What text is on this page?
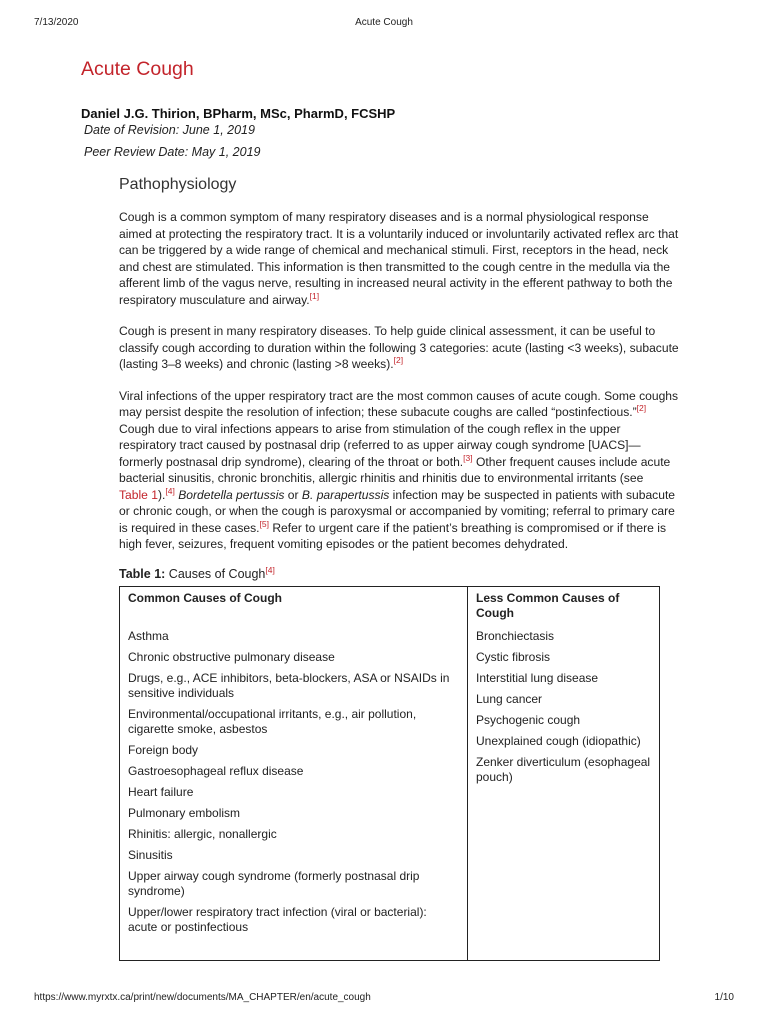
7/13/2020	Acute Cough
Acute Cough
Daniel J.G. Thirion, BPharm, MSc, PharmD, FCSHP
Date of Revision: June 1, 2019
Peer Review Date: May 1, 2019
Pathophysiology

Cough is a common symptom of many respiratory diseases and is a normal physiological response
aimed at protecting the respiratory tract. It is a voluntarily induced or involuntarily activated reflex arc that
can be triggered by a wide range of chemical and mechanical stimuli. First, receptors in the head, neck
and chest are stimulated. This information is then transmitted to the cough centre in the medulla via the
afferent limb of the vagus nerve, resulting in increased neural activity in the efferent pathway to both the
respiratory musculature and airway.[1]

Cough is present in many respiratory diseases. To help guide clinical assessment, it can be useful to
classify cough according to duration within the following 3 categories: acute (lasting <3 weeks), subacute
(lasting 3–8 weeks) and chronic (lasting >8 weeks).[2]

Viral infections of the upper respiratory tract are the most common causes of acute cough. Some coughs
may persist despite the resolution of infection; these subacute coughs are called “postinfectious.”[2]
Cough due to viral infections appears to arise from stimulation of the cough reflex in the upper
respiratory tract caused by postnasal drip (referred to as upper airway cough syndrome [UACS]—
formerly postnasal drip syndrome), clearing of the throat or both.[3] Other frequent causes include acute
bacterial sinusitis, chronic bronchitis, allergic rhinitis and rhinitis due to environmental irritants (see
Table 1).[4] Bordetella pertussis or B. parapertussis infection may be suspected in patients with subacute
or chronic cough, or when the cough is paroxysmal or accompanied by vomiting; referral to primary care
is required in these cases.[5] Refer to urgent care if the patient’s breathing is compromised or if there is
high fever, seizures, frequent vomiting episodes or the patient becomes dehydrated.

Table 1: Causes of Cough[4]
Common Causes of Cough
Asthma
Chronic obstructive pulmonary disease
Drugs, e.g., ACE inhibitors, beta-blockers, ASA or NSAIDs in sensitive individuals
Environmental/occupational irritants, e.g., air pollution, cigarette smoke, asbestos
Foreign body
Gastroesophageal reflux disease
Heart failure
Pulmonary embolism
Rhinitis: allergic, nonallergic
Sinusitis
Upper airway cough syndrome (formerly postnasal drip syndrome)
Upper/lower respiratory tract infection (viral or bacterial): acute or postinfectious

Less Common Causes of Cough
Bronchiectasis
Cystic fibrosis
Interstitial lung disease
Lung cancer
Psychogenic cough
Unexplained cough (idiopathic)
Zenker diverticulum (esophageal pouch)
https://www.myrxtx.ca/print/new/documents/MA_CHAPTER/en/acute_cough	1/10
